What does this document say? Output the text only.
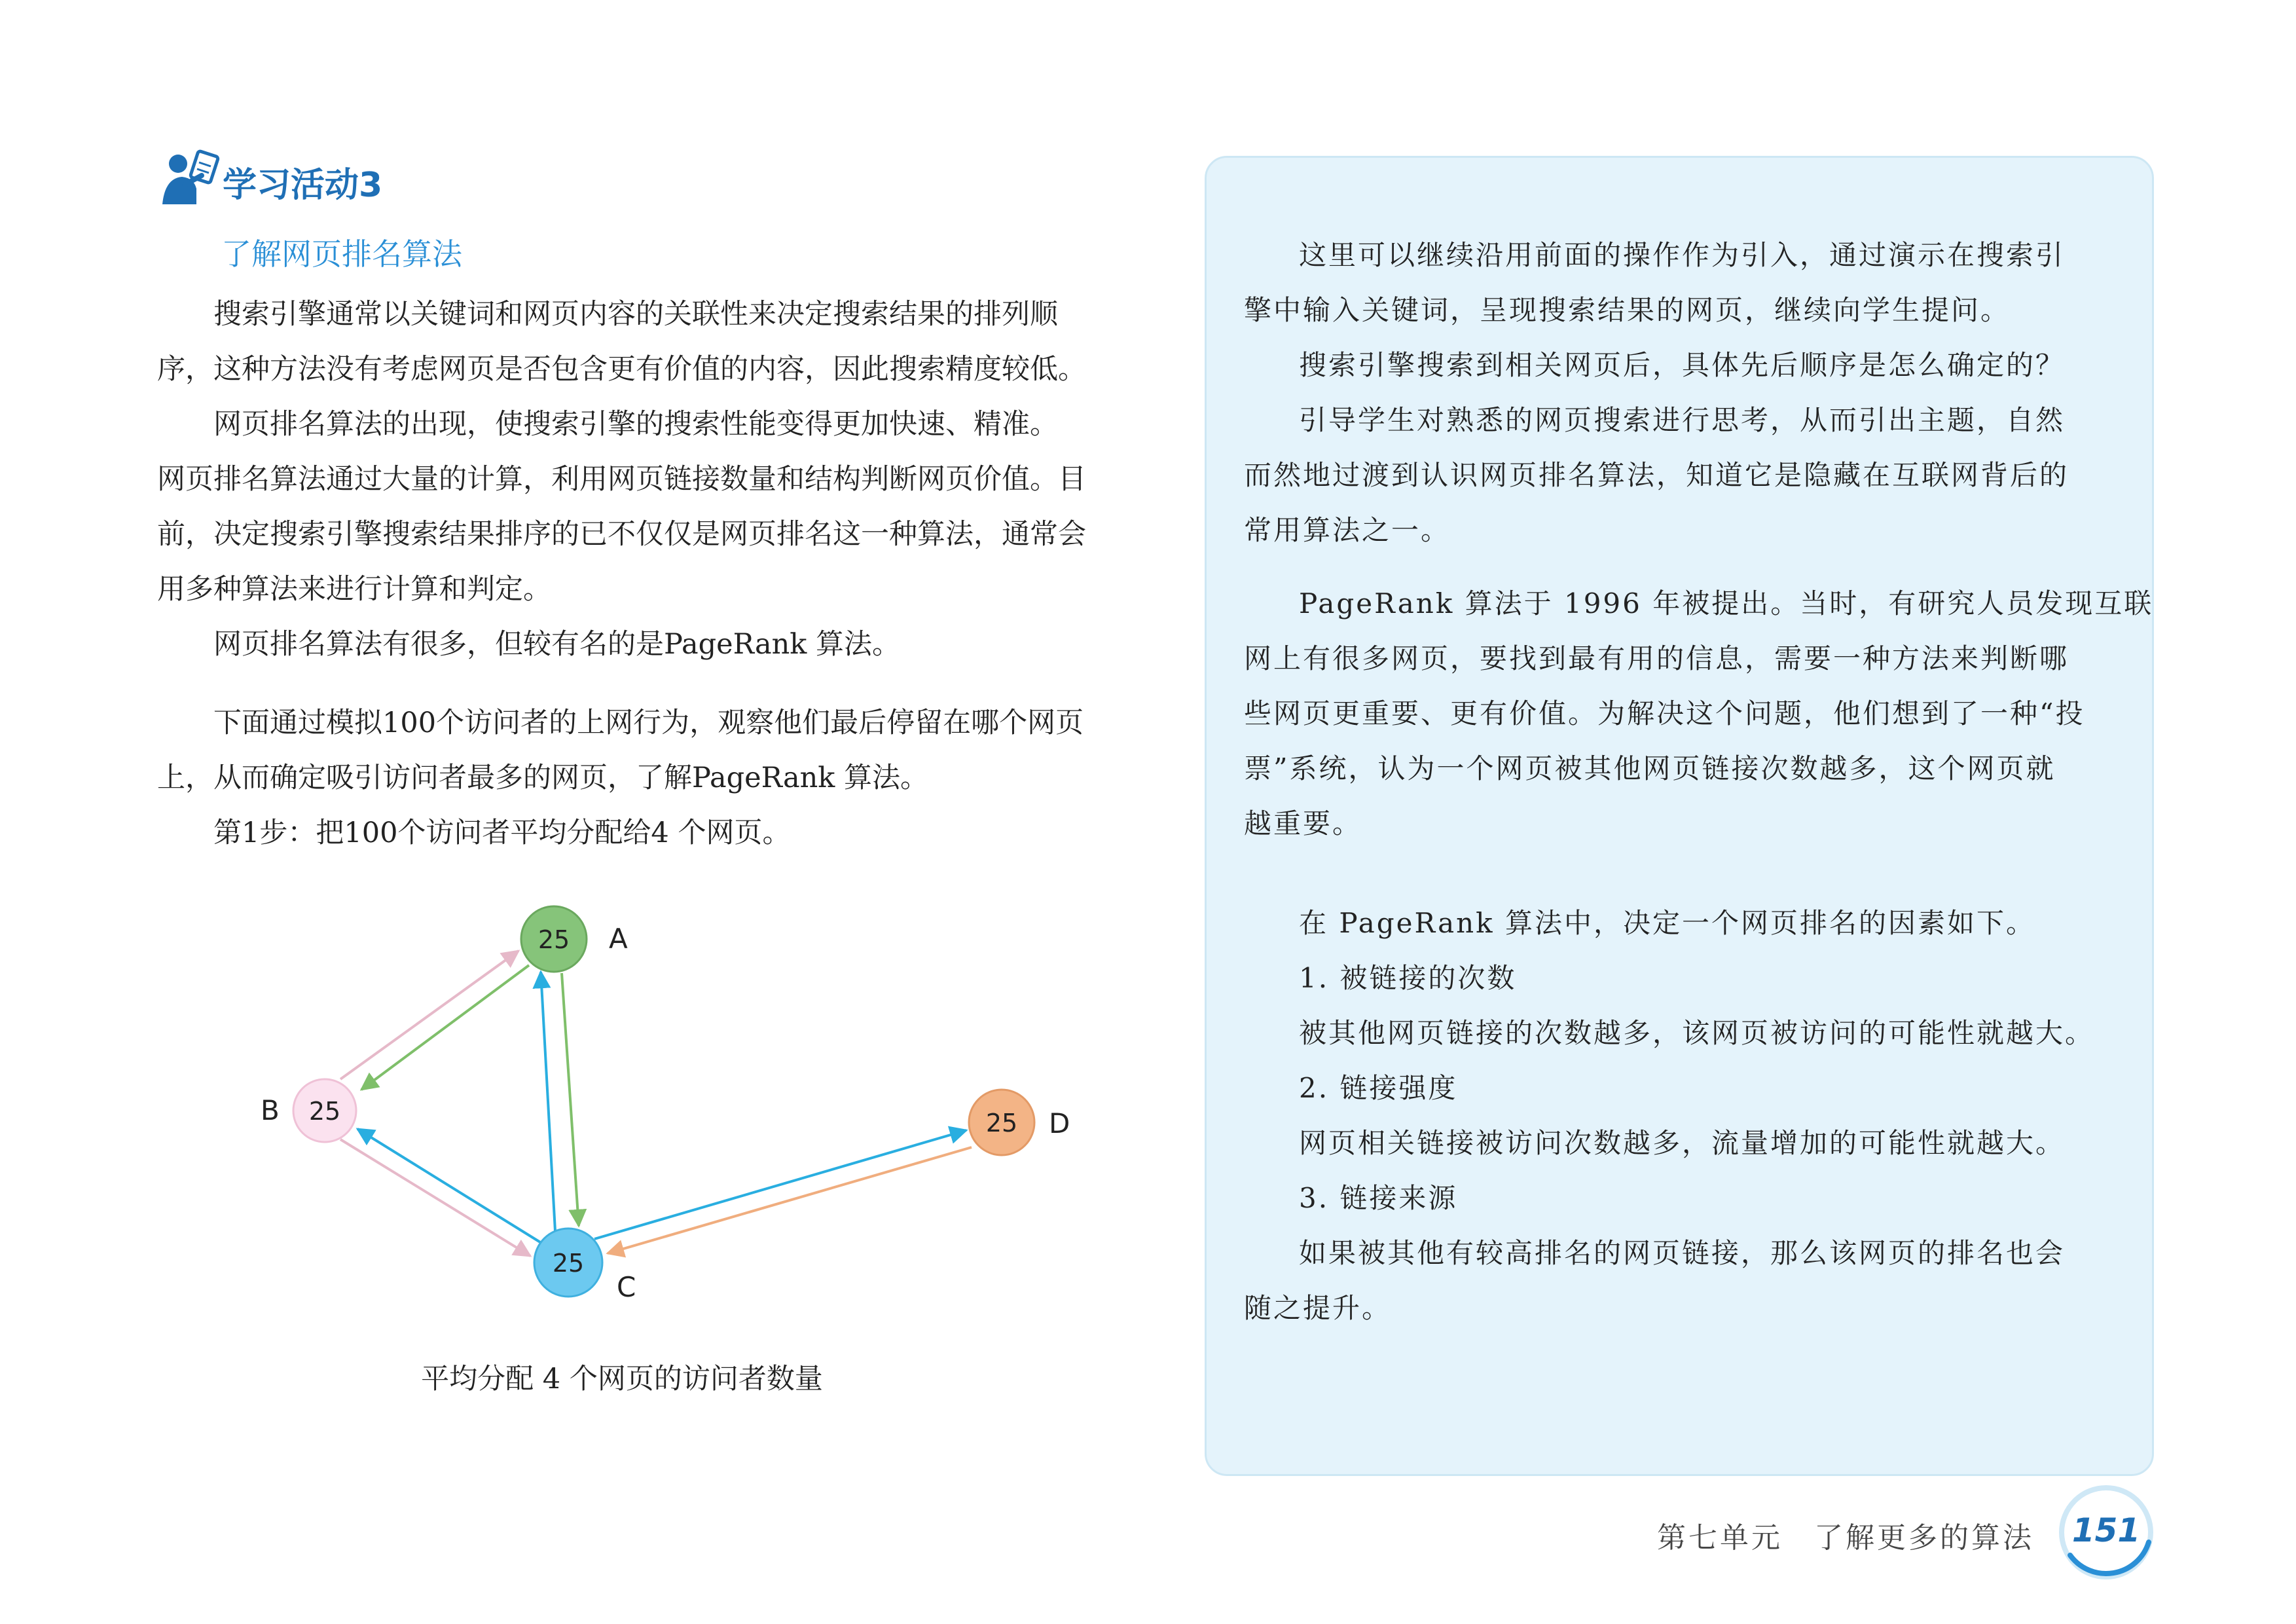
学习活动3
了解网页排名算法

搜索引擎通常以关键词和网页内容的关联性来决定搜索结果的排列顺
序，这种方法没有考虑网页是否包含更有价值的内容，因此搜索精度较低。

网页排名算法的出现，使搜索引擎的搜索性能变得更加快速、精准。
网页排名算法通过大量的计算，利用网页链接数量和结构判断网页价值。目
前，决定搜索引擎搜索结果排序的已不仅仅是网页排名这一种算法，通常会
用多种算法来进行计算和判定。

网页排名算法有很多，但较有名的是PageRank 算法。

下面通过模拟100个访问者的上网行为，观察他们最后停留在哪个网页
上，从而确定吸引访问者最多的网页，了解PageRank 算法。

第1步：把100个访问者平均分配给4 个网页。

25 A
25
B
25
C
25 D
平均分配 4 个网页的访问者数量

这里可以继续沿用前面的操作作为引入，通过演示在搜索引
擎中输入关键词，呈现搜索结果的网页，继续向学生提问。

搜索引擎搜索到相关网页后，具体先后顺序是怎么确定的？

引导学生对熟悉的网页搜索进行思考，从而引出主题，自然
而然地过渡到认识网页排名算法，知道它是隐藏在互联网背后的
常用算法之一。

PageRank 算法于 1996 年被提出。当时，有研究人员发现互联
网上有很多网页，要找到最有用的信息，需要一种方法来判断哪
些网页更重要、更有价值。为解决这个问题，他们想到了一种“投
票”系统，认为一个网页被其他网页链接次数越多，这个网页就
越重要。

在 PageRank 算法中，决定一个网页排名的因素如下。

1. 被链接的次数

被其他网页链接的次数越多，该网页被访问的可能性就越大。

2. 链接强度

网页相关链接被访问次数越多，流量增加的可能性就越大。

3. 链接来源

如果被其他有较高排名的网页链接，那么该网页的排名也会
随之提升。

第七单元　了解更多的算法	151
